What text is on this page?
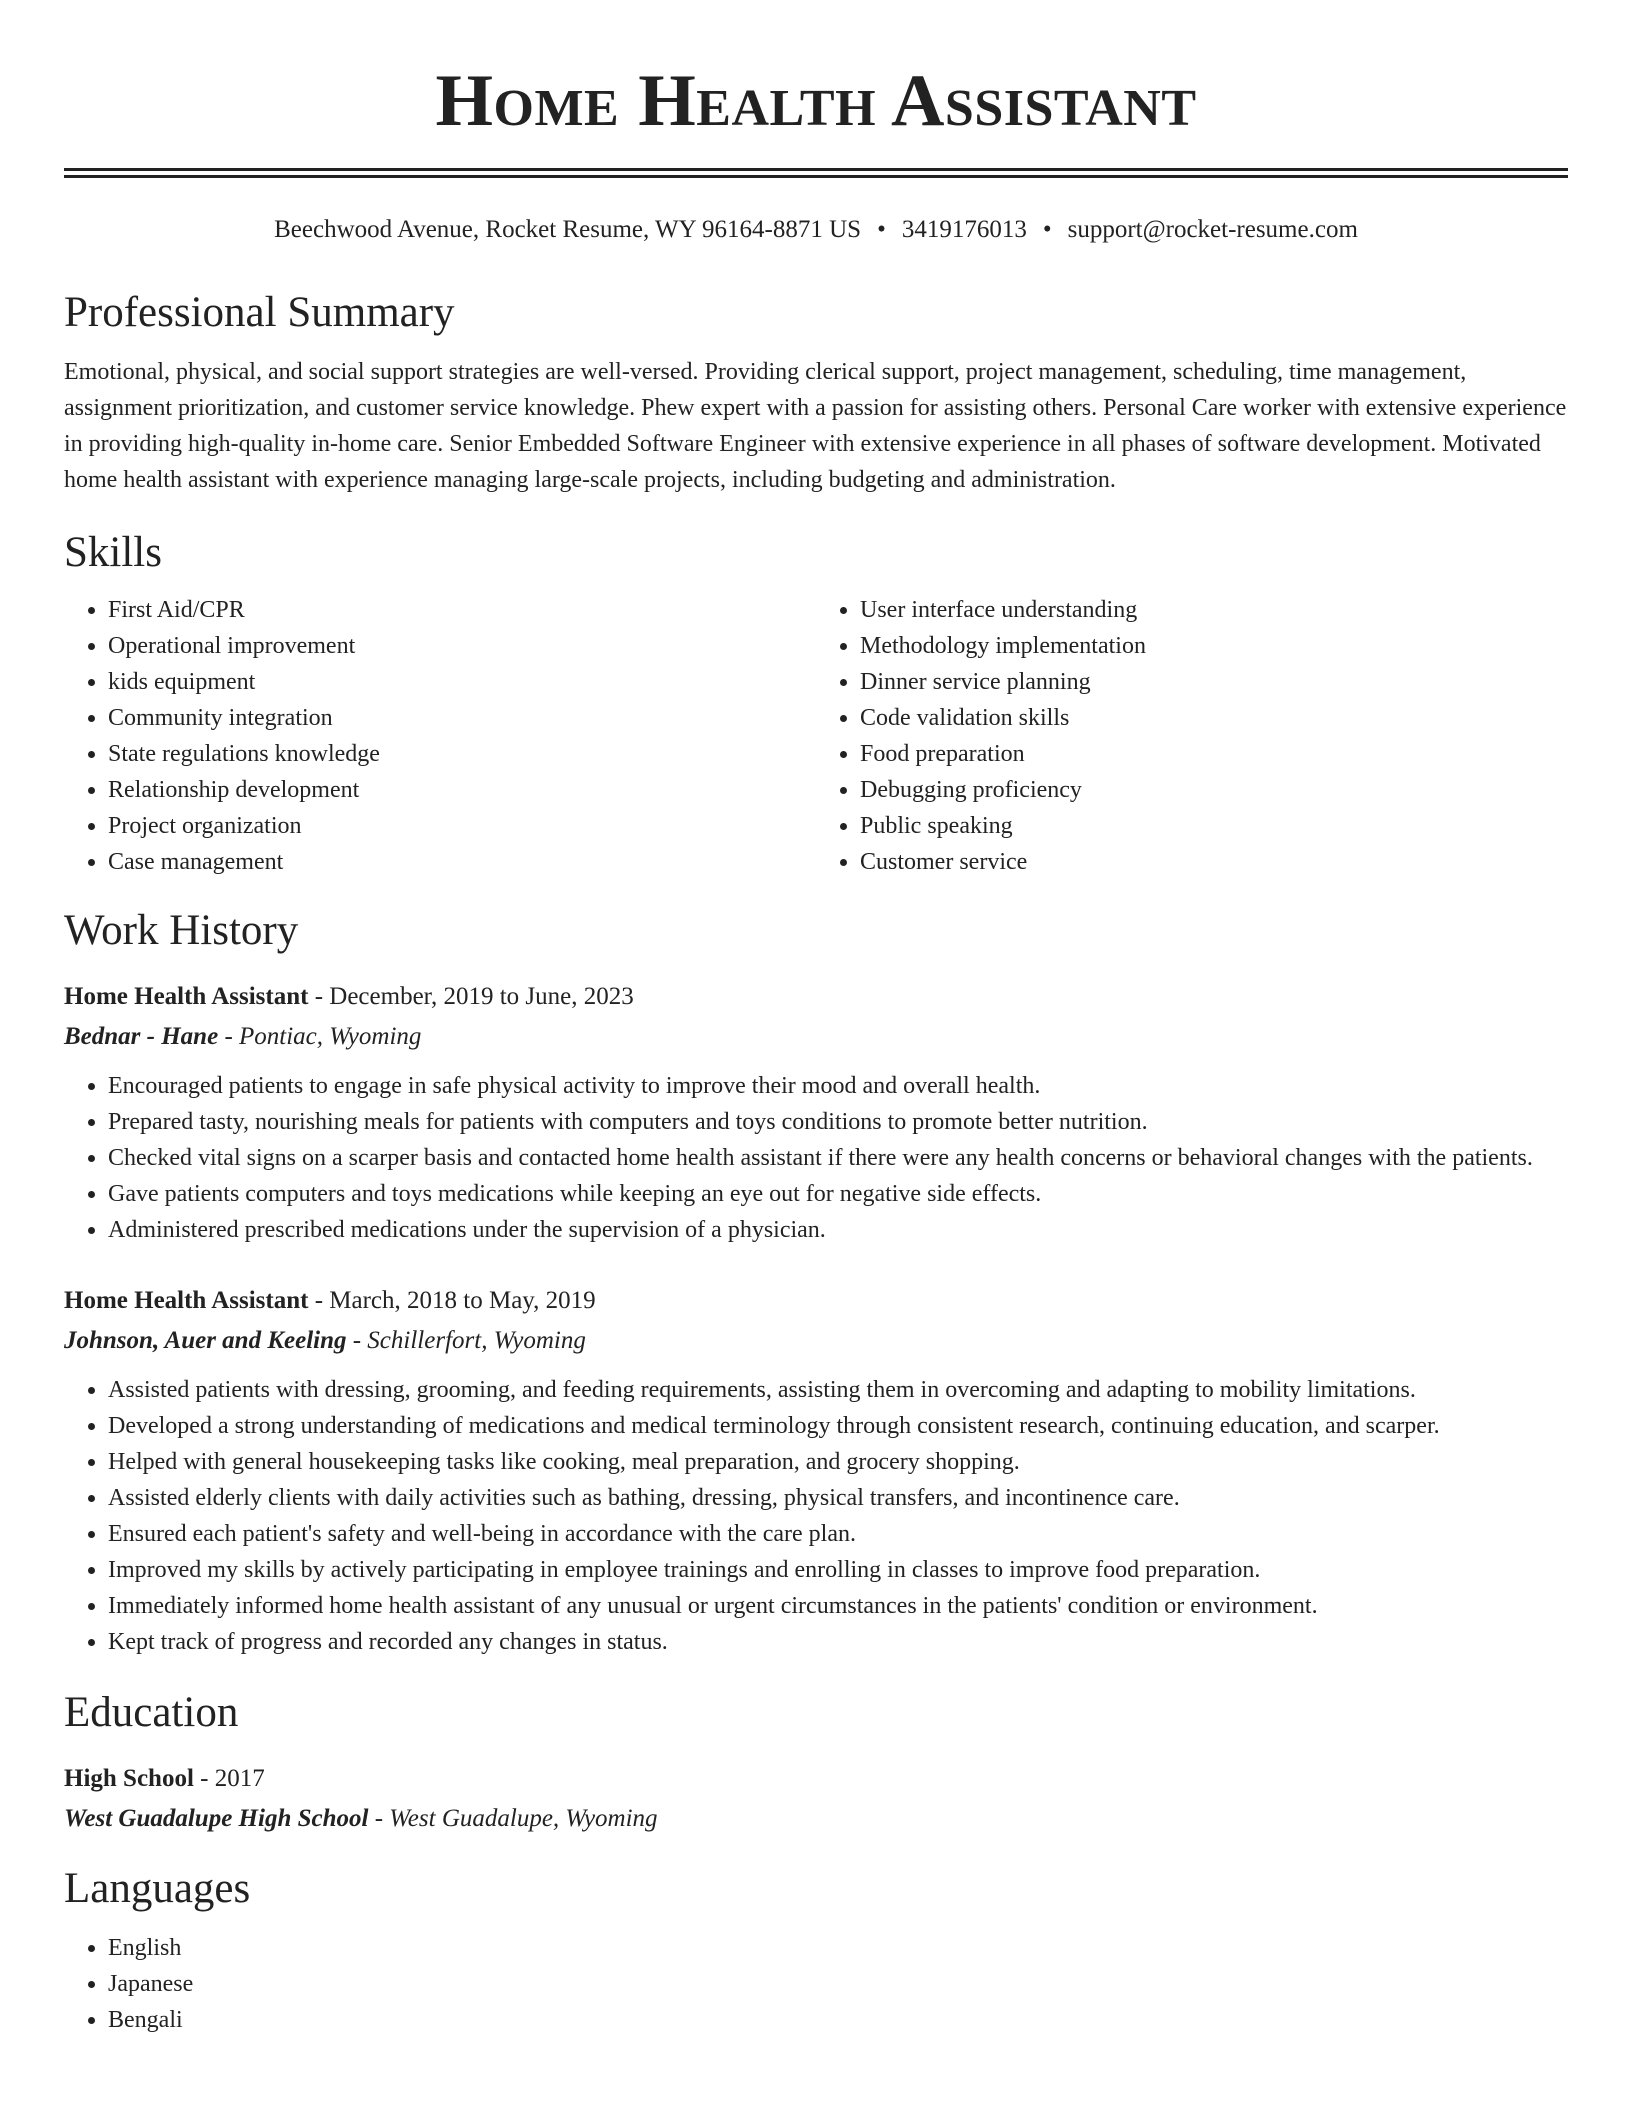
Home Health Assistant
Beechwood Avenue, Rocket Resume, WY 96164-8871 US • 3419176013 • support@rocket-resume.com
Professional Summary

Emotional, physical, and social support strategies are well-versed. Providing clerical support, project management, scheduling, time management, assignment prioritization, and customer service knowledge. Phew expert with a passion for assisting others. Personal Care worker with extensive experience in providing high-quality in-home care. Senior Embedded Software Engineer with extensive experience in all phases of software development. Motivated home health assistant with experience managing large-scale projects, including budgeting and administration.

Skills
• First Aid/CPR
• Operational improvement
• kids equipment
• Community integration
• State regulations knowledge
• Relationship development
• Project organization
• Case management
• User interface understanding
• Methodology implementation
• Dinner service planning
• Code validation skills
• Food preparation
• Debugging proficiency
• Public speaking
• Customer service
Work History
Home Health Assistant - December, 2019 to June, 2023
Bednar - Hane - Pontiac, Wyoming
• Encouraged patients to engage in safe physical activity to improve their mood and overall health.
• Prepared tasty, nourishing meals for patients with computers and toys conditions to promote better nutrition.
• Checked vital signs on a scarper basis and contacted home health assistant if there were any health concerns or behavioral changes with the patients.
• Gave patients computers and toys medications while keeping an eye out for negative side effects.
• Administered prescribed medications under the supervision of a physician.
Home Health Assistant - March, 2018 to May, 2019
Johnson, Auer and Keeling - Schillerfort, Wyoming
• Assisted patients with dressing, grooming, and feeding requirements, assisting them in overcoming and adapting to mobility limitations.
• Developed a strong understanding of medications and medical terminology through consistent research, continuing education, and scarper.
• Helped with general housekeeping tasks like cooking, meal preparation, and grocery shopping.
• Assisted elderly clients with daily activities such as bathing, dressing, physical transfers, and incontinence care.
• Ensured each patient's safety and well-being in accordance with the care plan.
• Improved my skills by actively participating in employee trainings and enrolling in classes to improve food preparation.
• Immediately informed home health assistant of any unusual or urgent circumstances in the patients' condition or environment.
• Kept track of progress and recorded any changes in status.
Education
High School - 2017
West Guadalupe High School - West Guadalupe, Wyoming
Languages
• English
• Japanese
• Bengali
